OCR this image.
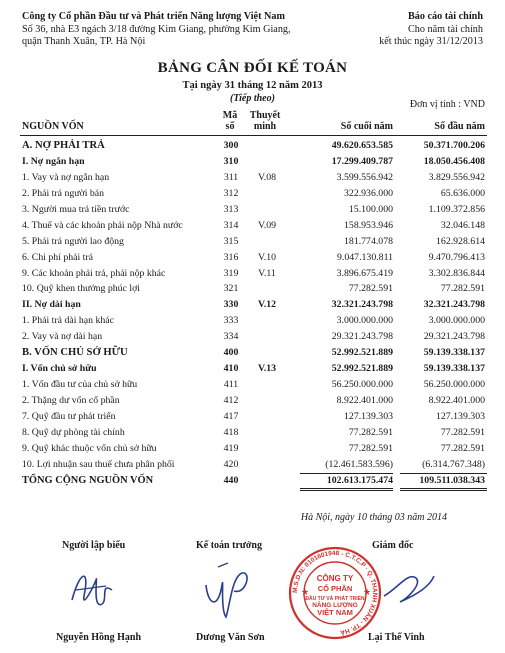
Công ty Cổ phần Đầu tư và Phát triển Năng lượng Việt Nam
Số 36, nhà E3 ngách 3/18 đường Kim Giang, phường Kim Giang,
quận Thanh Xuân, TP. Hà Nội
Báo cáo tài chính
Cho năm tài chính
kết thúc ngày 31/12/2013
BẢNG CÂN ĐỐI KẾ TOÁN
Tại ngày 31 tháng 12 năm 2013
(Tiếp theo)
Đơn vị tính : VND
NGUỒN VỐN
Mã
số
Thuyết
minh	Số cuối năm	Số đầu năm
A. NỢ PHẢI TRẢ	300	49.620.653.585	50.371.700.206
I. Nợ ngắn hạn	310	17.299.409.787	18.050.456.408
1. Vay và nợ ngắn hạn	311	V.08	3.599.556.942	3.829.556.942
2. Phải trả người bán	312	322.936.000	65.636.000
3. Người mua trả tiền trước	313	15.100.000	1.109.372.856
4. Thuế và các khoản phải nộp Nhà nước	314	V.09	158.953.946	32.046.148
5. Phải trả người lao động	315	181.774.078	162.928.614
6. Chi phí phải trả	316	V.10	9.047.130.811	9.470.796.413
9. Các khoản phải trả, phải nộp khác	319	V.11	3.896.675.419	3.302.836.844
10. Quỹ khen thưởng phúc lợi	321	77.282.591	77.282.591
II. Nợ dài hạn	330	V.12	32.321.243.798	32.321.243.798
1. Phải trả dài hạn khác	333	3.000.000.000	3.000.000.000
2. Vay và nợ dài hạn	334	29.321.243.798	29.321.243.798
B. VỐN CHỦ SỞ HỮU	400	52.992.521.889	59.139.338.137
I. Vốn chủ sở hữu	410	V.13	52.992.521.889	59.139.338.137
1. Vốn đầu tư của chủ sở hữu	411	56.250.000.000	56.250.000.000
2. Thặng dư vốn cổ phần	412	8.922.401.000	8.922.401.000
7. Quỹ đầu tư phát triển	417	127.139.303	127.139.303
8. Quỹ dự phòng tài chính	418	77.282.591	77.282.591
9. Quỹ khác thuộc vốn chủ sở hữu	419	77.282.591	77.282.591
10. Lợi nhuận sau thuế chưa phân phối	420	(12.461.583.596)	(6.314.767.348)
TỔNG CỘNG NGUỒN VỐN	440	102.613.175.474	109.511.038.343
Hà Nội, ngày 10 tháng 03 năm 2014
Người lập biểu	Kế toán trưởng	Giám đốc
M.S.D.N: 0101601948 - C.T.C.P · Q. THANH XUÂN - TP. HÀ
CÔNG TY
CỔ PHẦN
ĐẦU TƯ VÀ PHÁT TRIỂN
NĂNG LƯỢNG
VIỆT NAM
★	★
Nguyễn Hồng Hạnh	Dương Văn Sơn	Lại Thế Vinh
